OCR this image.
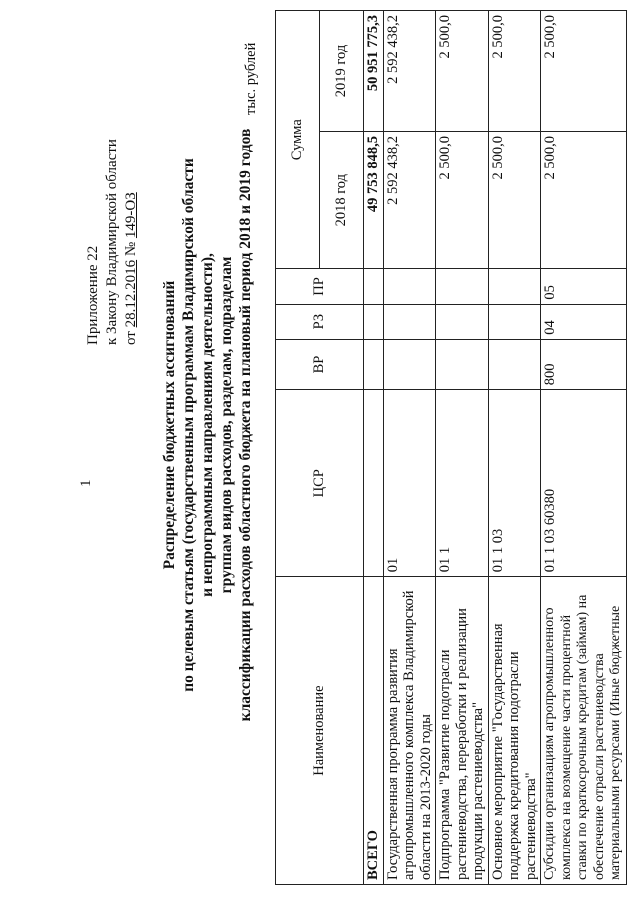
1
Приложение 22 к Закону Владимирской области от 28.12.2016 № 149-ОЗ
Распределение бюджетных ассигнований по целевым статьям (государственным программам Владимирской области и непрограммным направлениям деятельности), группам видов расходов, разделам, подразделам классификации расходов областного бюджета на плановый период 2018 и 2019 годов
тыс. рублей
Наименование	ЦСР	ВР	РЗ	ПР	Сумма	
					2018 год	2019 год
ВСЕГО					49 753 848,5	50 951 775,3
Государственная программа развития агропромышленного комплекса Владимирской области на 2013-2020 годы	01				2 592 438,2	2 592 438,2
Подпрограмма "Развитие подотрасли растениеводства, переработки и реализации продукции растениеводства"	01 1				2 500,0	2 500,0
Основное мероприятие "Государственная поддержка кредитования подотрасли растениеводства"	01 1 03				2 500,0	2 500,0
Субсидии организациям агропромышленного комплекса на возмещение части процентной ставки по краткосрочным кредитам (займам) на обеспечение отрасли растениеводства материальными ресурсами (Иные бюджетные	01 1 03 60380	800	04	05	2 500,0	2 500,0
